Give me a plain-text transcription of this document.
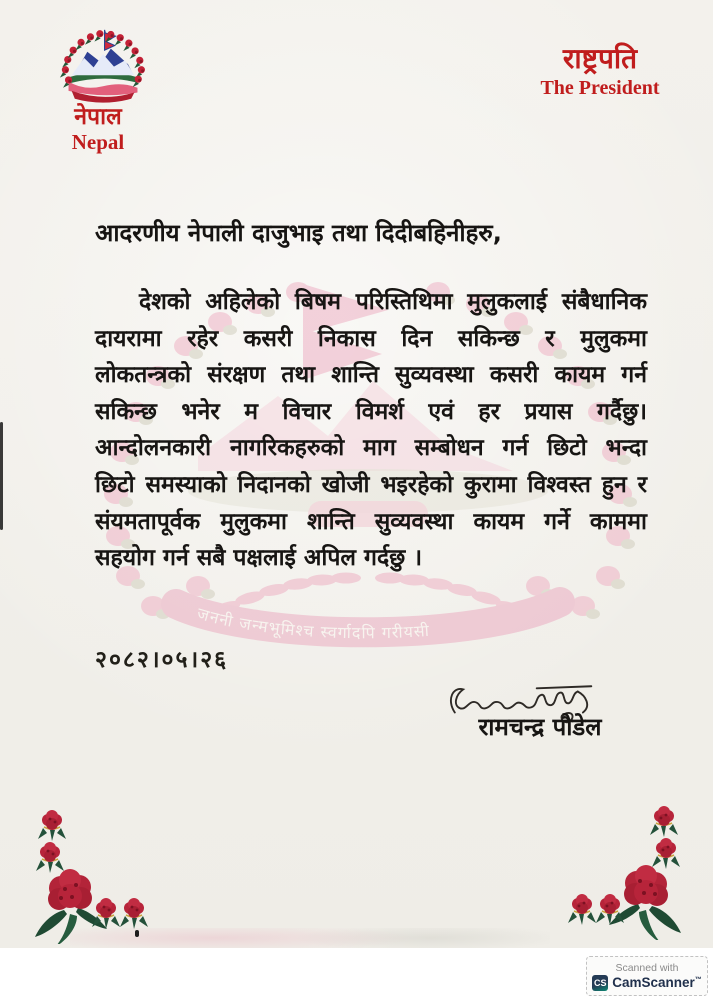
नेपाल
Nepal
राष्ट्रपति
The President
जननी जन्मभूमिश्च स्वर्गादपि गरीयसी
आदरणीय नेपाली दाजुभाइ तथा दिदीबहिनीहरु,
देशको अहिलेको बिषम परिस्तिथिमा मुलुकलाई संबैधानिक
दायरामा रहेर कसरी निकास दिन सकिन्छ र मुलुकमा
लोकतन्त्रको संरक्षण तथा शान्ति सुव्यवस्था कसरी कायम गर्न
सकिन्छ भनेर म विचार विमर्श एवं हर प्रयास गर्दैछु।
आन्दोलनकारी नागरिकहरुको माग सम्बोधन गर्न छिटो भन्दा
छिटो समस्याको निदानको खोजी भइरहेको कुरामा विश्वस्त हुन र
संयमतापूर्वक मुलुकमा शान्ति सुव्यवस्था कायम गर्ने काममा
सहयोग गर्न सबै पक्षलाई अपिल गर्दछु ।
२०८२।०५।२६
रामचन्द्र पौडेल
Scanned with
CS CamScanner™
